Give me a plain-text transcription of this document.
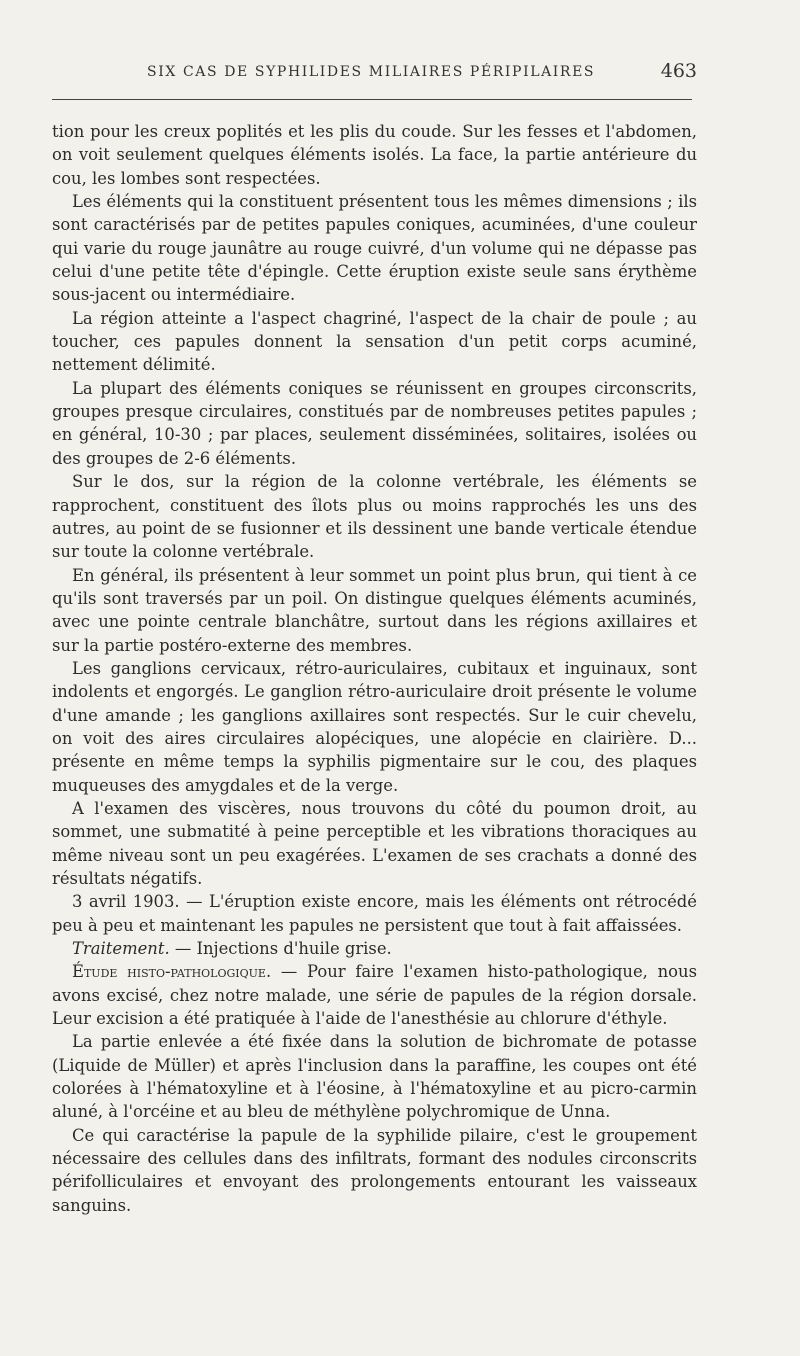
SIX CAS DE SYPHILIDES MILIAIRES PÉRIPILAIRES	463

tion pour les creux poplités et les plis du coude. Sur les fesses et l'abdomen, on voit seulement quelques éléments isolés. La face, la partie antérieure du cou, les lombes sont respectées.

Les éléments qui la constituent présentent tous les mêmes dimensions ; ils sont caractérisés par de petites papules coniques, acuminées, d'une couleur qui varie du rouge jaunâtre au rouge cuivré, d'un volume qui ne dépasse pas celui d'une petite tête d'épingle. Cette éruption existe seule sans érythème sous-jacent ou intermédiaire.

La région atteinte a l'aspect chagriné, l'aspect de la chair de poule ; au toucher, ces papules donnent la sensation d'un petit corps acuminé, nettement délimité.

La plupart des éléments coniques se réunissent en groupes circonscrits, groupes presque circulaires, constitués par de nombreuses petites papules ; en général, 10-30 ; par places, seulement disséminées, solitaires, isolées ou des groupes de 2-6 éléments.

Sur le dos, sur la région de la colonne vertébrale, les éléments se rapprochent, constituent des îlots plus ou moins rapprochés les uns des autres, au point de se fusionner et ils dessinent une bande verticale étendue sur toute la colonne vertébrale.

En général, ils présentent à leur sommet un point plus brun, qui tient à ce qu'ils sont traversés par un poil. On distingue quelques éléments acuminés, avec une pointe centrale blanchâtre, surtout dans les régions axillaires et sur la partie postéro-externe des membres.

Les ganglions cervicaux, rétro-auriculaires, cubitaux et inguinaux, sont indolents et engorgés. Le ganglion rétro-auriculaire droit présente le volume d'une amande ; les ganglions axillaires sont respectés. Sur le cuir chevelu, on voit des aires circulaires alopéciques, une alopécie en clairière. D... présente en même temps la syphilis pigmentaire sur le cou, des plaques muqueuses des amygdales et de la verge.

A l'examen des viscères, nous trouvons du côté du poumon droit, au sommet, une submatité à peine perceptible et les vibrations thoraciques au même niveau sont un peu exagérées. L'examen de ses crachats a donné des résultats négatifs.

3 avril 1903. — L'éruption existe encore, mais les éléments ont rétrocédé peu à peu et maintenant les papules ne persistent que tout à fait affaissées.

Traitement. — Injections d'huile grise.

Étude histo-pathologique. — Pour faire l'examen histo-pathologique, nous avons excisé, chez notre malade, une série de papules de la région dorsale. Leur excision a été pratiquée à l'aide de l'anesthésie au chlorure d'éthyle.

La partie enlevée a été fixée dans la solution de bichromate de potasse (Liquide de Müller) et après l'inclusion dans la paraffine, les coupes ont été colorées à l'hématoxyline et à l'éosine, à l'hématoxyline et au picro-carmin aluné, à l'orcéine et au bleu de méthylène polychromique de Unna.

Ce qui caractérise la papule de la syphilide pilaire, c'est le groupement nécessaire des cellules dans des infiltrats, formant des nodules circonscrits périfolliculaires et envoyant des prolongements entourant les vaisseaux sanguins.
